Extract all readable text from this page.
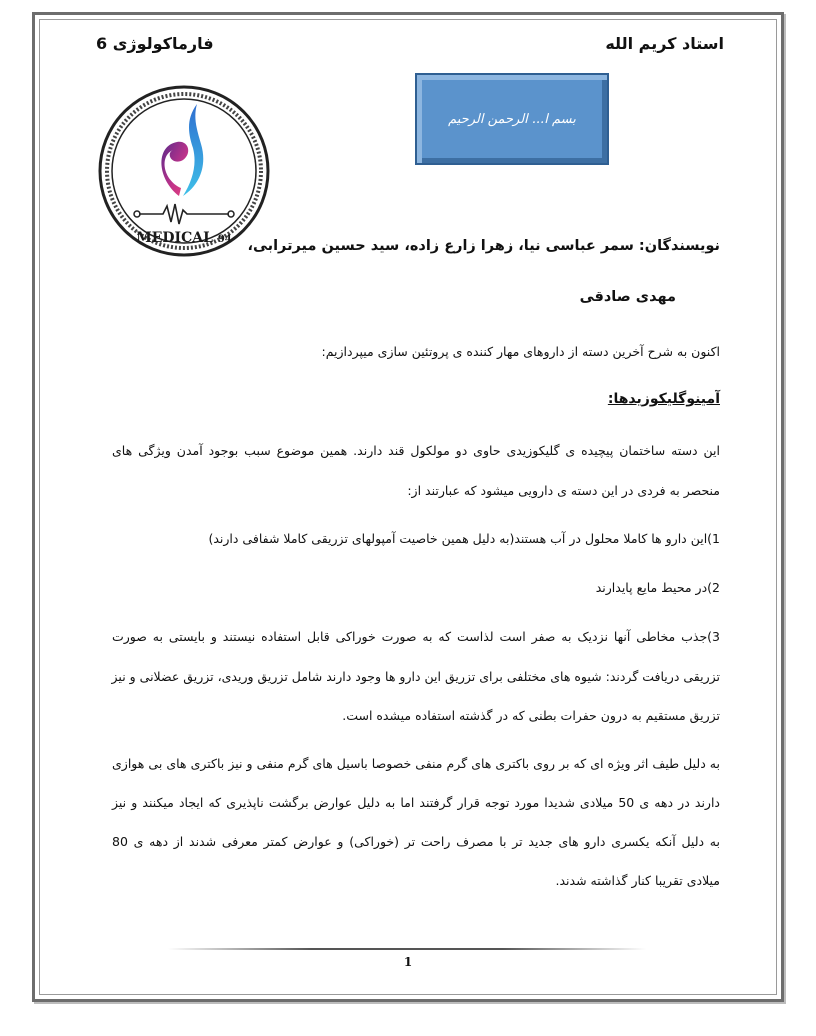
فارماکولوژی 6	استاد کریم الله
بسم ا... الرحمن الرحیم
MEDICAL 94 نویسندگان: سمر عباسی نیا، زهرا زارع زاده، سید حسین میرترابی،
مهدی صادقی
اکنون به شرح آخرین دسته از داروهای مهار کننده ی پروتئین سازی میپردازیم:
آمینوگلیکوزیدها:
این دسته ساختمان پیچیده ی گلیکوزیدی حاوی دو مولکول قند دارند. همین موضوع سبب بوجود آمدن ویژگی های
منحصر به فردی در این دسته ی دارویی میشود که عبارتند از:
1)این دارو ها کاملا محلول در آب هستند(به دلیل همین خاصیت آمپولهای تزریقی کاملا شفافی دارند)
2)در محیط مایع پایدارند
3)جذب مخاطی آنها نزدیک به صفر است لذاست که به صورت خوراکی قابل استفاده نیستند و بایستی به صورت
تزریقی دریافت گردند: شیوه های مختلفی برای تزریق این دارو ها وجود دارند شامل تزریق وریدی، تزریق عضلانی و نیز
تزریق مستقیم به درون حفرات بطنی که در گذشته استفاده میشده است.
به دلیل طیف اثر ویژه ای که بر روی باکتری های گرم منفی خصوصا باسیل های گرم منفی و نیز باکتری های بی هوازی
دارند در دهه ی 50 میلادی شدیدا مورد توجه قرار گرفتند اما به دلیل عوارض برگشت ناپذیری که ایجاد میکنند و نیز
به دلیل آنکه یکسری دارو های جدید تر با مصرف راحت تر (خوراکی) و عوارض کمتر معرفی شدند از دهه ی 80
میلادی تقریبا کنار گذاشته شدند.
1
